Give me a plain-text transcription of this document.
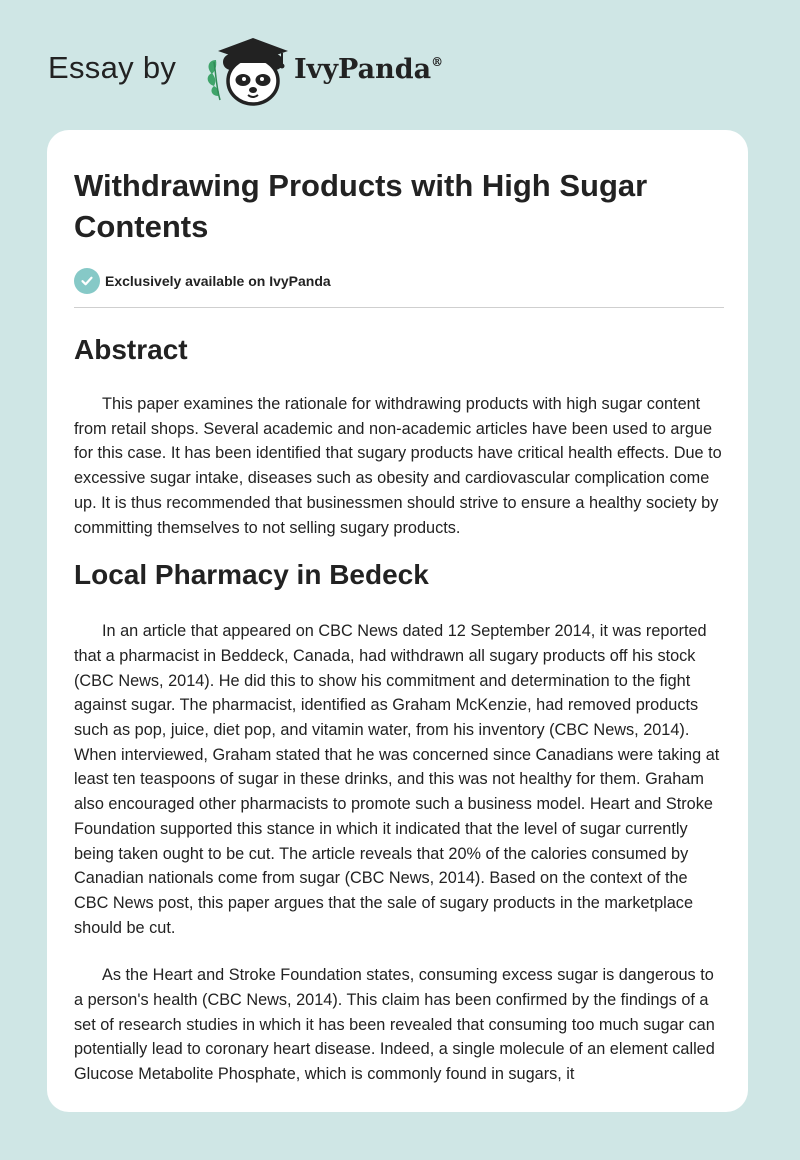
Essay by	IvyPanda®
Withdrawing Products with High Sugar Contents
Exclusively available on IvyPanda
Abstract

This paper examines the rationale for withdrawing products with high sugar content from retail shops. Several academic and non-academic articles have been used to argue for this case. It has been identified that sugary products have critical health effects. Due to excessive sugar intake, diseases such as obesity and cardiovascular complication come up. It is thus recommended that businessmen should strive to ensure a healthy society by committing themselves to not selling sugary products.

Local Pharmacy in Bedeck

In an article that appeared on CBC News dated 12 September 2014, it was reported that a pharmacist in Beddeck, Canada, had withdrawn all sugary products off his stock (CBC News, 2014). He did this to show his commitment and determination to the fight against sugar. The pharmacist, identified as Graham McKenzie, had removed products such as pop, juice, diet pop, and vitamin water, from his inventory (CBC News, 2014). When interviewed, Graham stated that he was concerned since Canadians were taking at least ten teaspoons of sugar in these drinks, and this was not healthy for them. Graham also encouraged other pharmacists to promote such a business model. Heart and Stroke Foundation supported this stance in which it indicated that the level of sugar currently being taken ought to be cut. The article reveals that 20% of the calories consumed by Canadian nationals come from sugar (CBC News, 2014). Based on the context of the CBC News post, this paper argues that the sale of sugary products in the marketplace should be cut.

As the Heart and Stroke Foundation states, consuming excess sugar is dangerous to a person's health (CBC News, 2014). This claim has been confirmed by the findings of a set of research studies in which it has been revealed that consuming too much sugar can potentially lead to coronary heart disease. Indeed, a single molecule of an element called Glucose Metabolite Phosphate, which is commonly found in sugars, it
